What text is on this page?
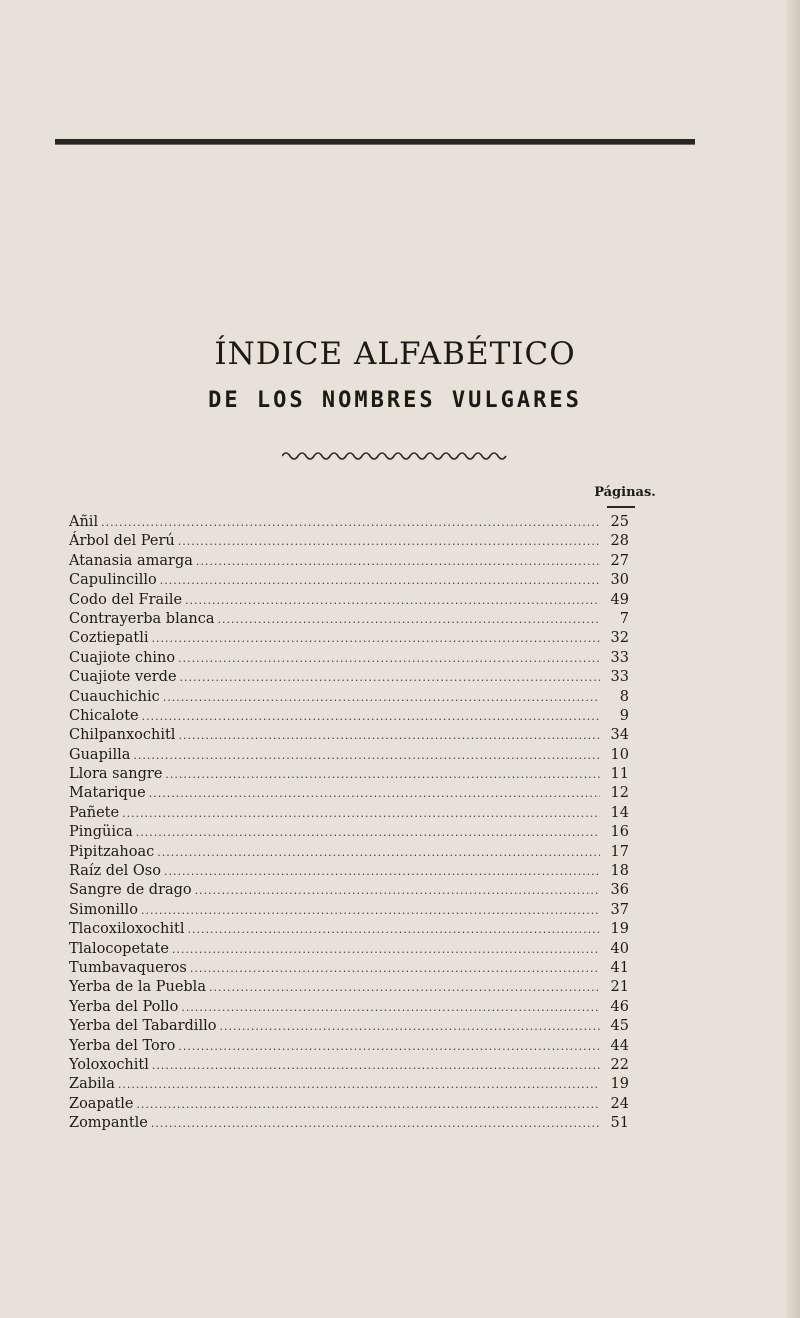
ÍNDICE ALFABÉTICO
DE LOS NOMBRES VULGARES
Páginas.
Añil .....	25
Árbol del Perú .....	28
Atanasia amarga .....	27
Capulincillo .....	30
Codo del Fraile .....	49
Contrayerba blanca .....	7
Coztiepatli .....	32
Cuajiote chino .....	33
Cuajiote verde .....	33
Cuauchichic .....	8
Chicalote .....	9
Chilpanxochitl .....	34
Guapilla .....	10
Llora sangre .....	11
Matarique .....	12
Pañete .....	14
Pingüica .....	16
Pipitzahoac .....	17
Raíz del Oso .....	18
Sangre de drago .....	36
Simonillo .....	37
Tlacoxiloxochitl .....	19
Tlalocopetate .....	40
Tumbavaqueros .....	41
Yerba de la Puebla .....	21
Yerba del Pollo .....	46
Yerba del Tabardillo .....	45
Yerba del Toro .....	44
Yoloxochitl .....	22
Zabila .....	19
Zoapatle .....	24
Zompantle .....	51
